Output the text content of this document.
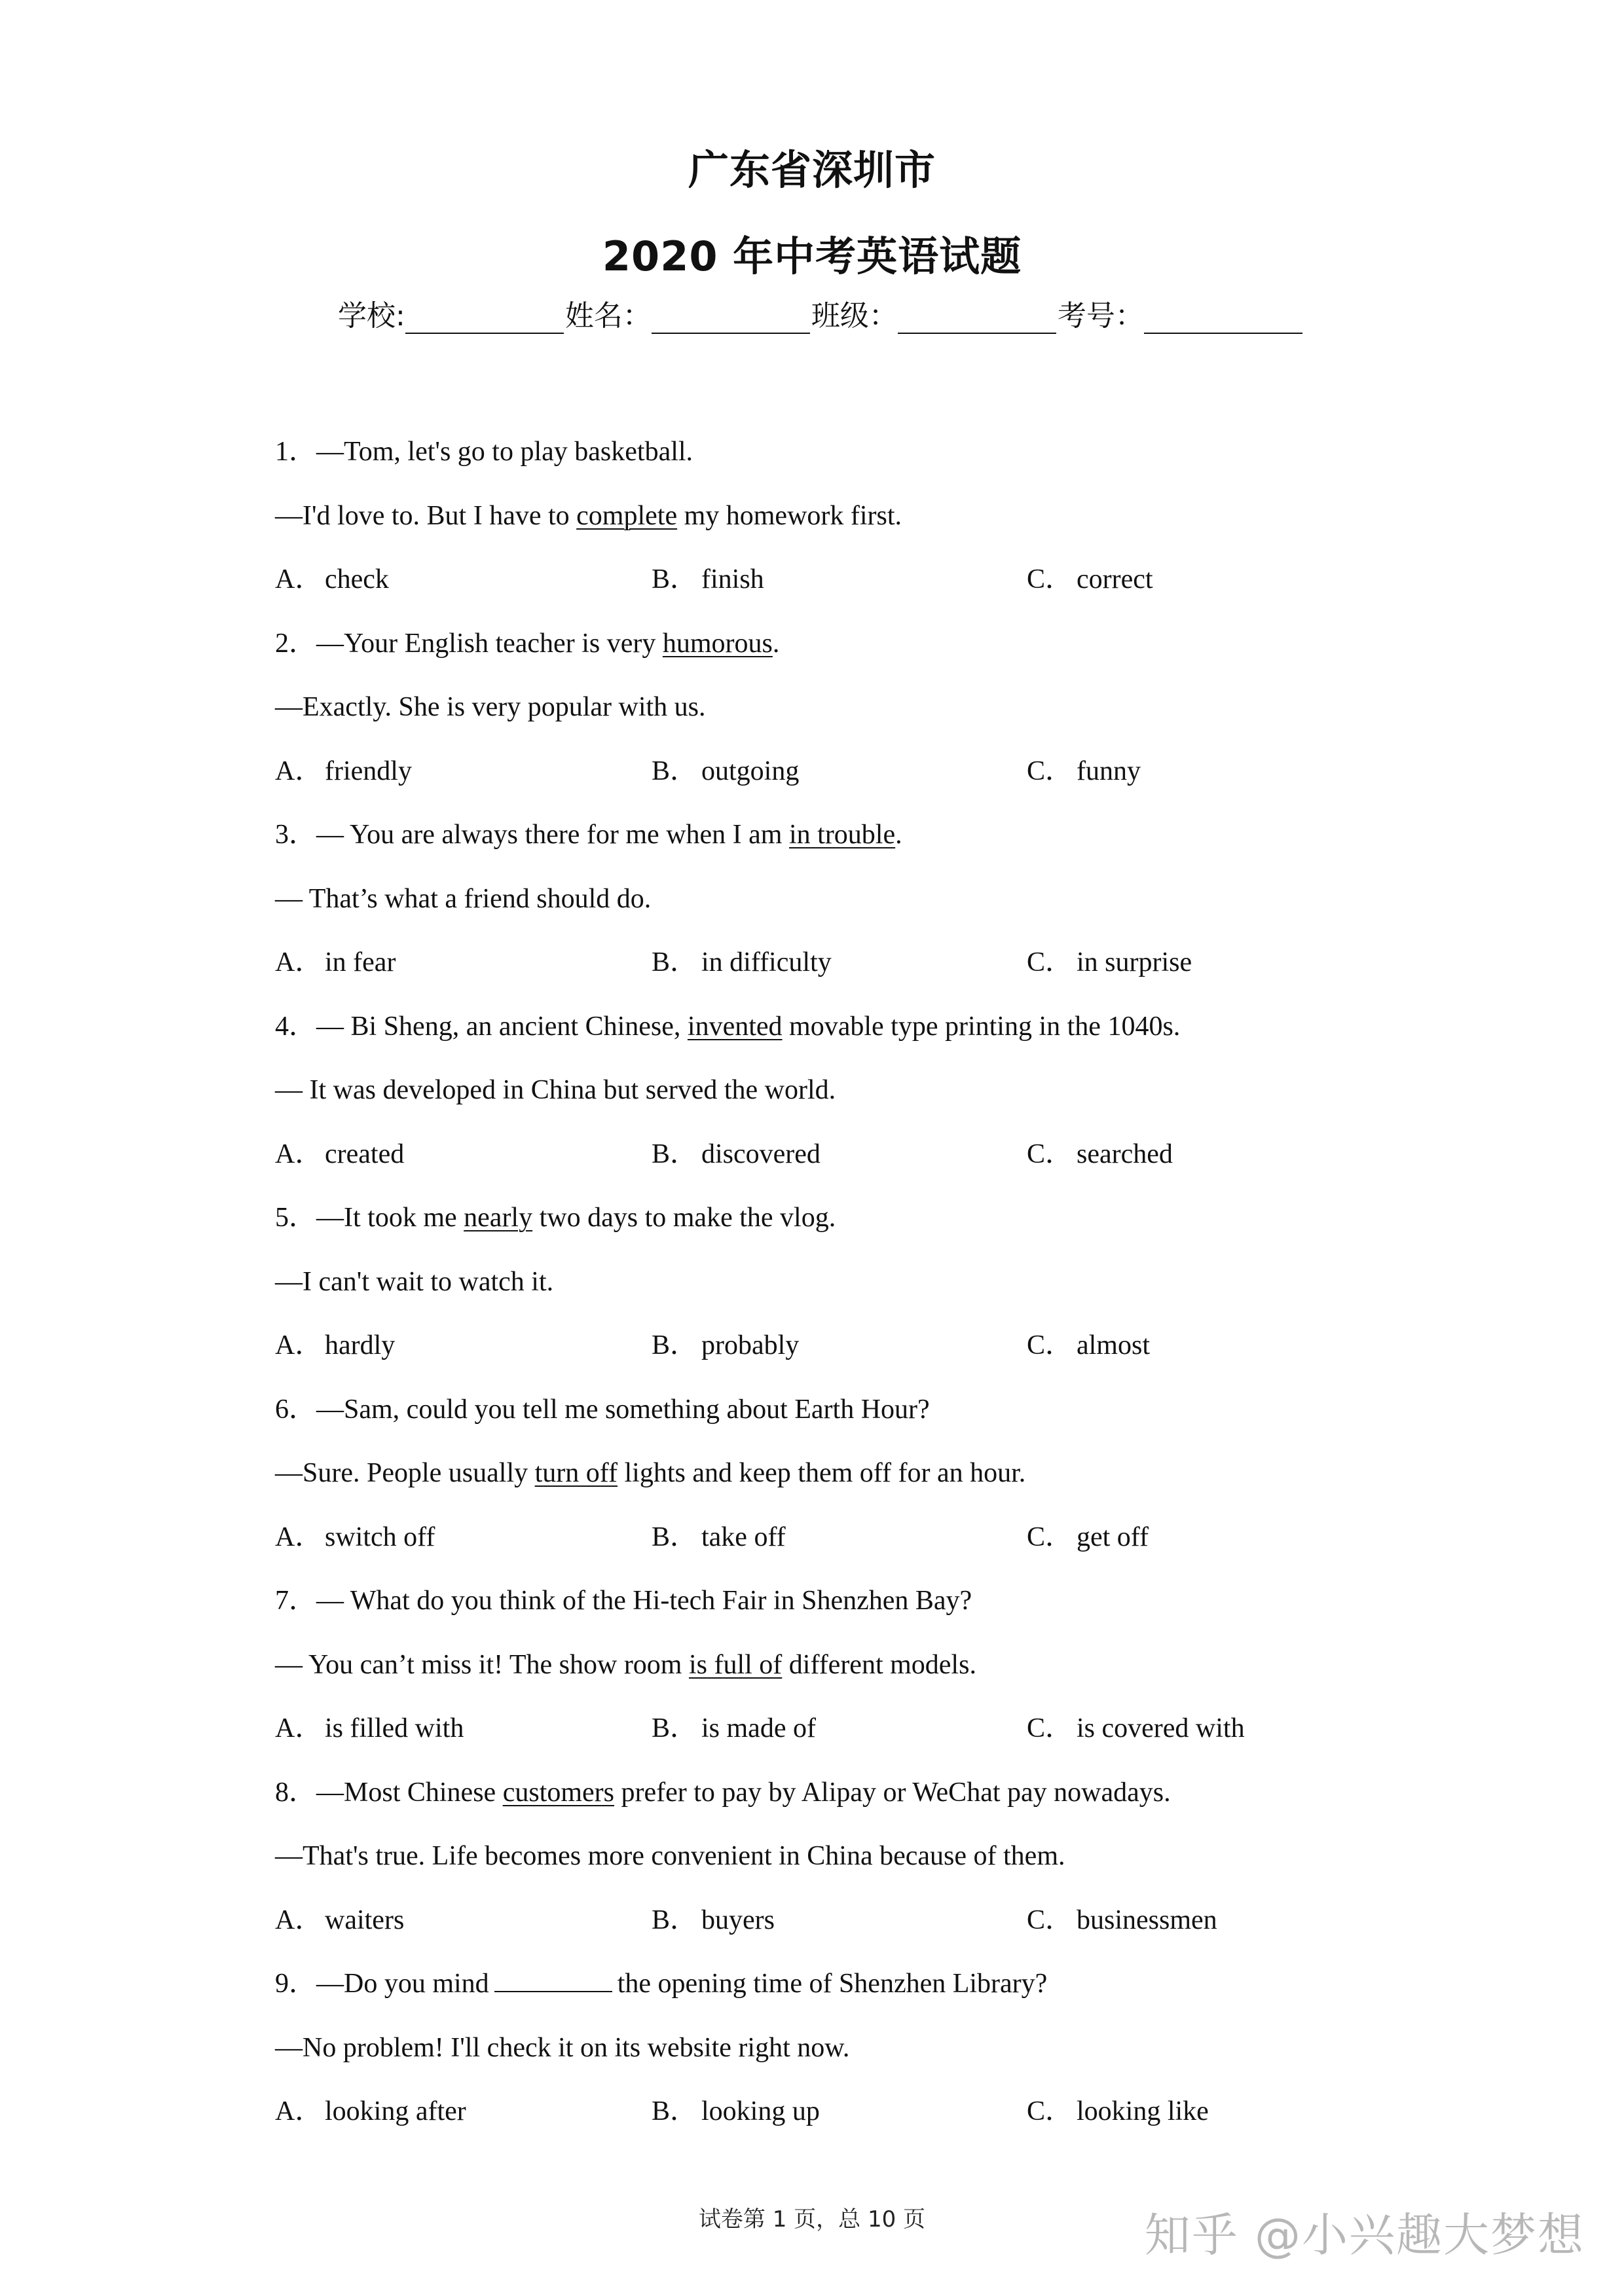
广东省深圳市
2020 年中考英语试题
学校:	姓名：	班级：	考号：
1．—Tom, let's go to play basketball.
—I'd love to. But I have to complete my homework first.
A．check	B． finish	C． correct
2．—Your English teacher is very humorous.
—Exactly. She is very popular with us.
A．friendly	B． outgoing	C． funny
3．— You are always there for me when I am in trouble.
— That’s what a friend should do.
A．in fear	B． in difficulty	C． in surprise
4．— Bi Sheng, an ancient Chinese, invented movable type printing in the 1040s.
— It was developed in China but served the world.
A．created	B． discovered	C． searched
5．—It took me nearly two days to make the vlog.
—I can't wait to watch it.
A．hardly	B． probably	C． almost
6．—Sam, could you tell me something about Earth Hour?
—Sure. People usually turn off lights and keep them off for an hour.
A．switch off	B． take off	C． get off
7．— What do you think of the Hi-tech Fair in Shenzhen Bay?
— You can’t miss it! The show room is full of different models.
A．is filled with	B． is made of	C． is covered with
8．—Most Chinese customers prefer to pay by Alipay or WeChat pay nowadays.
—That's true. Life becomes more convenient in China because of them.
A．waiters	B． buyers	C． businessmen
9．—Do you mind	the opening time of Shenzhen Library?
—No problem! I'll check it on its website right now.
A．looking after	B． looking up	C． looking like
试卷第 1 页，总 10 页	知乎 @小兴趣大梦想
